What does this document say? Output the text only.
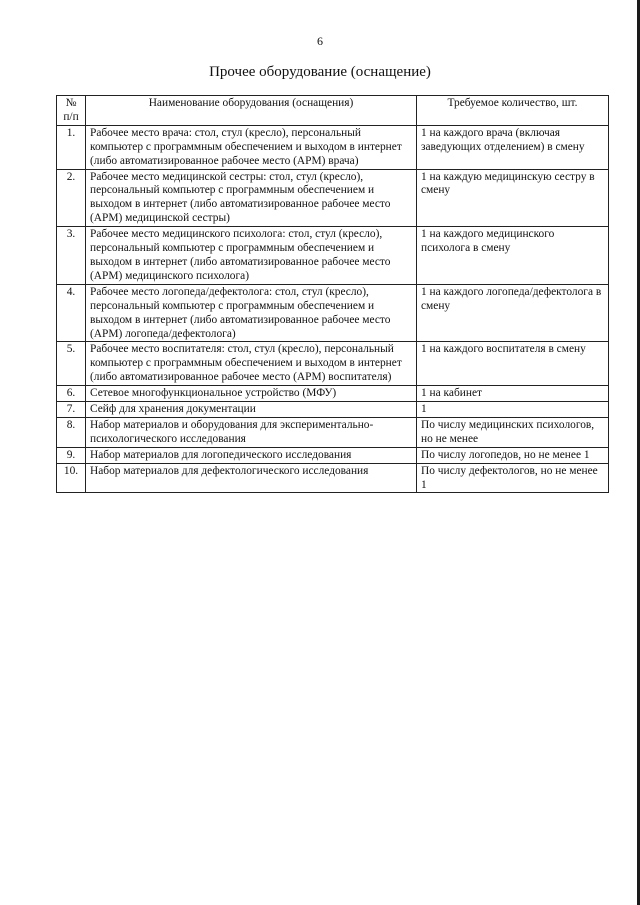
6
Прочее оборудование (оснащение)
№ п/п	Наименование оборудования (оснащения)	Требуемое количество, шт.
1.	Рабочее место врача: стол, стул (кресло), персональный компьютер с программным обеспечением и выходом в интернет (либо автоматизированное рабочее место (АРМ) врача)	1 на каждого врача (включая заведующих отделением) в смену
2.	Рабочее место медицинской сестры: стол, стул (кресло), персональный компьютер с программным обеспечением и выходом в интернет (либо автоматизированное рабочее место (АРМ) медицинской сестры)	1 на каждую медицинскую сестру в смену
3.	Рабочее место медицинского психолога: стол, стул (кресло), персональный компьютер с программным обеспечением и выходом в интернет (либо автоматизированное рабочее место (АРМ) медицинского психолога)	1 на каждого медицинского психолога в смену
4.	Рабочее место логопеда/дефектолога: стол, стул (кресло), персональный компьютер с программным обеспечением и выходом в интернет (либо автоматизированное рабочее место (АРМ) логопеда/дефектолога)	1 на каждого логопеда/дефектолога в смену
5.	Рабочее место воспитателя: стол, стул (кресло), персональный компьютер с программным обеспечением и выходом в интернет (либо автоматизированное рабочее место (АРМ) воспитателя)	1 на каждого воспитателя в смену
6.	Сетевое многофункциональное устройство (МФУ)	1 на кабинет
7.	Сейф для хранения документации	1
8.	Набор материалов и оборудования для экспериментально-психологического исследования	По числу медицинских психологов, но не менее
9.	Набор материалов для логопедического исследования	По числу логопедов, но не менее 1
10.	Набор материалов для дефектологического исследования	По числу дефектологов, но не менее 1
